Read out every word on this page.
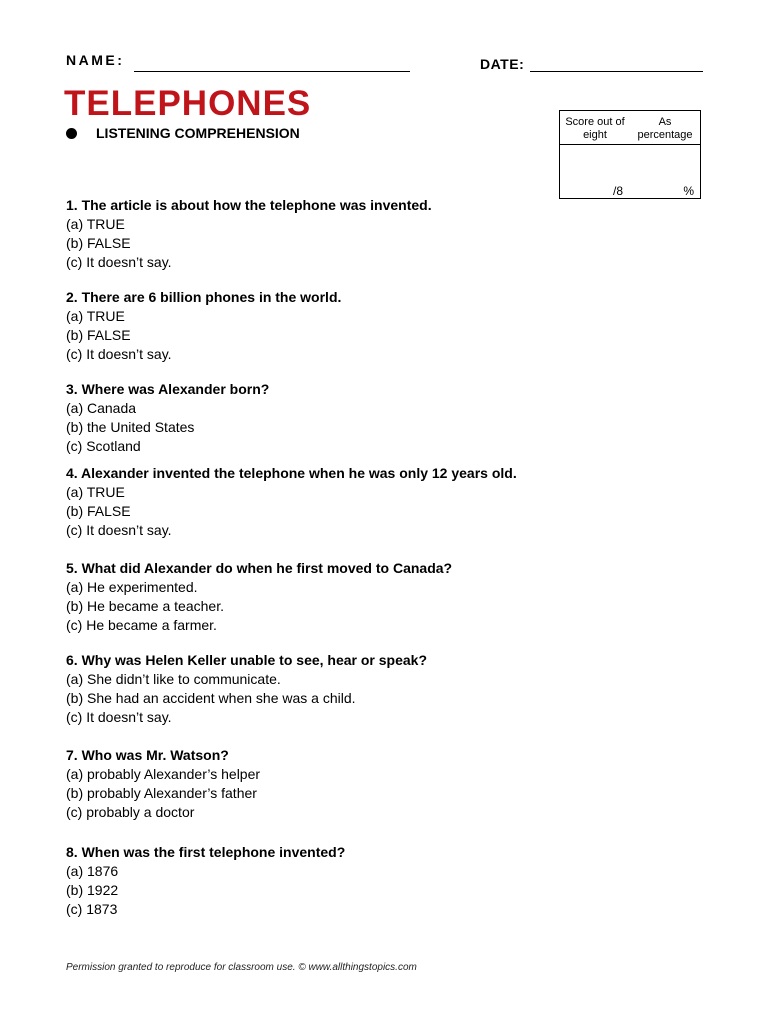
NAME:	DATE:
TELEPHONES
LISTENING COMPREHENSION
Score out of eight
As percentage
/8	%
1. The article is about how the telephone was invented.
(a) TRUE
(b) FALSE
(c) It doesn’t say.
2. There are 6 billion phones in the world.
(a) TRUE
(b) FALSE
(c) It doesn’t say.
3. Where was Alexander born?
(a) Canada
(b) the United States
(c) Scotland
4. Alexander invented the telephone when he was only 12 years old.
(a) TRUE
(b) FALSE
(c) It doesn’t say.
5. What did Alexander do when he first moved to Canada?
(a) He experimented.
(b) He became a teacher.
(c) He became a farmer.
6. Why was Helen Keller unable to see, hear or speak?
(a) She didn’t like to communicate.
(b) She had an accident when she was a child.
(c) It doesn’t say.
7. Who was Mr. Watson?
(a) probably Alexander’s helper
(b) probably Alexander’s father
(c) probably a doctor
8. When was the first telephone invented?
(a) 1876
(b) 1922
(c) 1873
Permission granted to reproduce for classroom use. © www.allthingstopics.com
